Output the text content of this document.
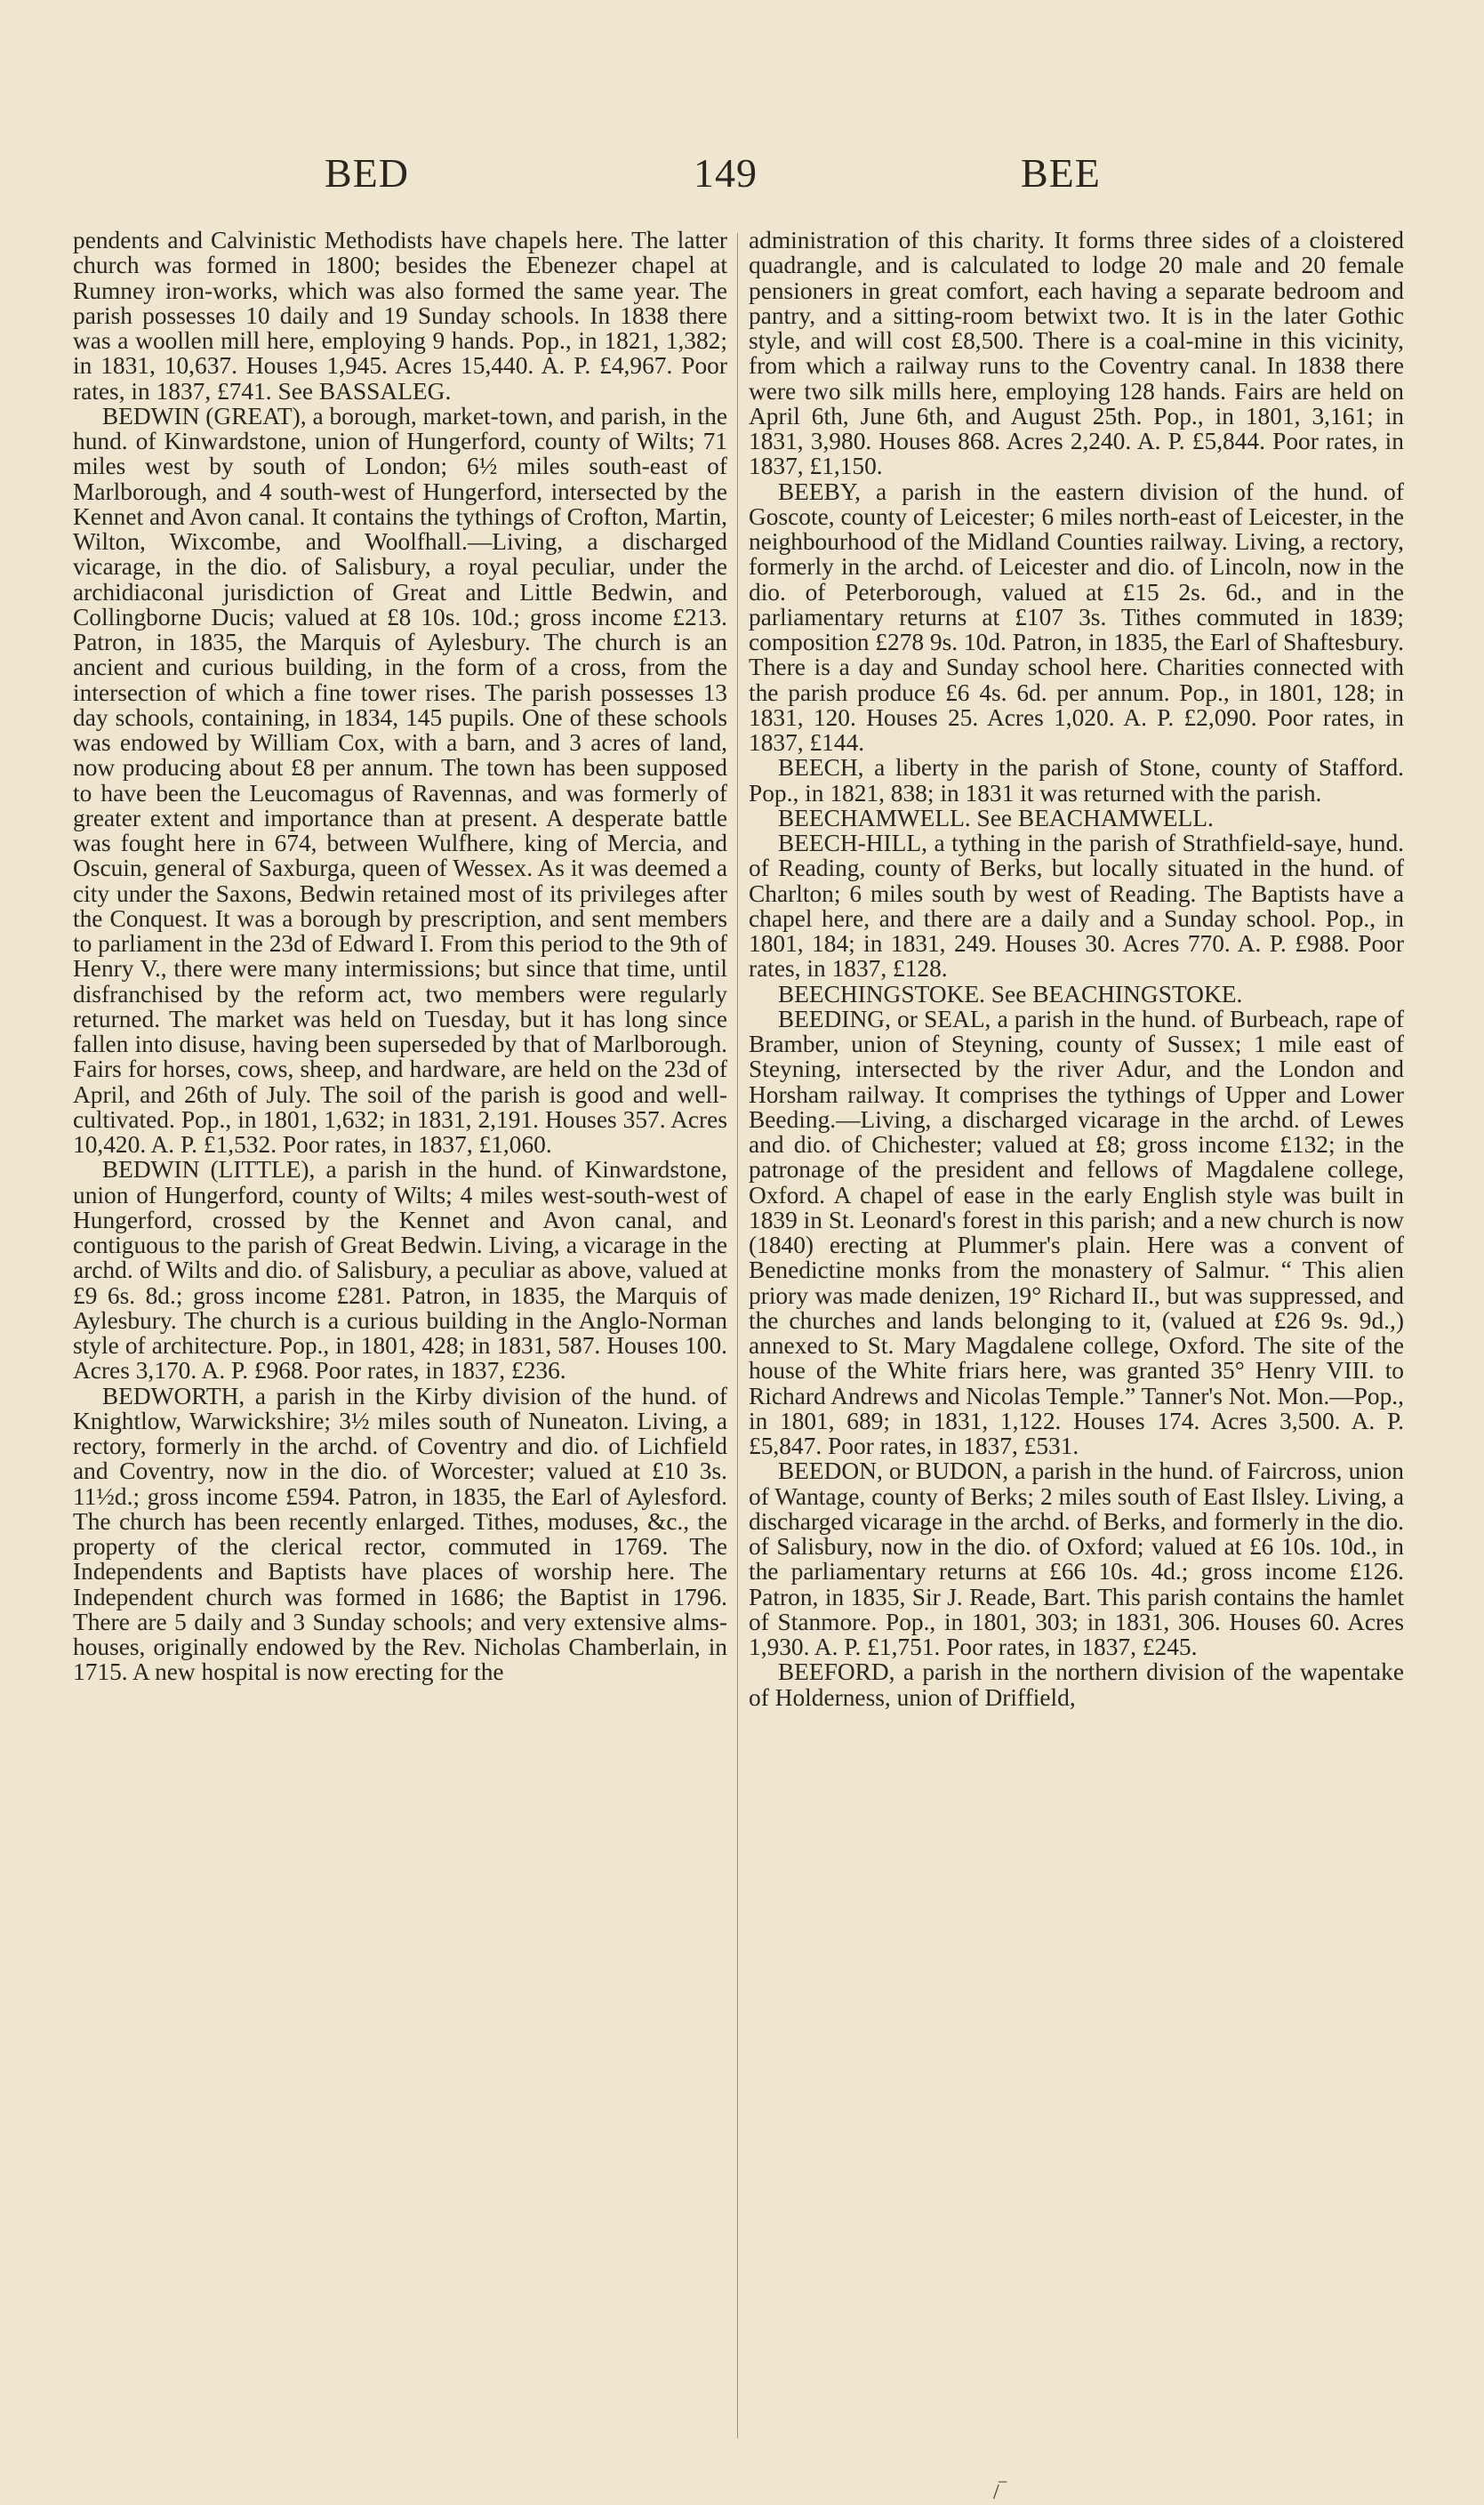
BED	149	BEE

pendents and Calvinistic Methodists have chapels here. The latter church was formed in 1800; besides the Ebenezer chapel at Rumney iron-works, which was also formed the same year. The parish possesses 10 daily and 19 Sunday schools. In 1838 there was a woollen mill here, employing 9 hands. Pop., in 1821, 1,382; in 1831, 10,637. Houses 1,945. Acres 15,440. A. P. £4,967. Poor rates, in 1837, £741. See BASSALEG.

BEDWIN (GREAT), a borough, market-town, and parish, in the hund. of Kinwardstone, union of Hungerford, county of Wilts; 71 miles west by south of London; 6½ miles south-east of Marlborough, and 4 south-west of Hungerford, intersected by the Kennet and Avon canal. It contains the tythings of Crofton, Martin, Wilton, Wixcombe, and Woolfhall.—Living, a discharged vicarage, in the dio. of Salisbury, a royal peculiar, under the archidiaconal jurisdiction of Great and Little Bedwin, and Collingborne Ducis; valued at £8 10s. 10d.; gross income £213. Patron, in 1835, the Marquis of Aylesbury. The church is an ancient and curious building, in the form of a cross, from the intersection of which a fine tower rises. The parish possesses 13 day schools, containing, in 1834, 145 pupils. One of these schools was endowed by William Cox, with a barn, and 3 acres of land, now producing about £8 per annum. The town has been supposed to have been the Leucomagus of Ravennas, and was formerly of greater extent and importance than at present. A desperate battle was fought here in 674, between Wulfhere, king of Mercia, and Oscuin, general of Saxburga, queen of Wessex. As it was deemed a city under the Saxons, Bedwin retained most of its privileges after the Conquest. It was a borough by prescription, and sent members to parliament in the 23d of Edward I. From this period to the 9th of Henry V., there were many intermissions; but since that time, until disfranchised by the reform act, two members were regularly returned. The market was held on Tuesday, but it has long since fallen into disuse, having been superseded by that of Marlborough. Fairs for horses, cows, sheep, and hardware, are held on the 23d of April, and 26th of July. The soil of the parish is good and well-cultivated. Pop., in 1801, 1,632; in 1831, 2,191. Houses 357. Acres 10,420. A. P. £1,532. Poor rates, in 1837, £1,060.

BEDWIN (LITTLE), a parish in the hund. of Kinwardstone, union of Hungerford, county of Wilts; 4 miles west-south-west of Hungerford, crossed by the Kennet and Avon canal, and contiguous to the parish of Great Bedwin. Living, a vicarage in the archd. of Wilts and dio. of Salisbury, a peculiar as above, valued at £9 6s. 8d.; gross income £281. Patron, in 1835, the Marquis of Aylesbury. The church is a curious building in the Anglo-Norman style of architecture. Pop., in 1801, 428; in 1831, 587. Houses 100. Acres 3,170. A. P. £968. Poor rates, in 1837, £236.

BEDWORTH, a parish in the Kirby division of the hund. of Knightlow, Warwickshire; 3½ miles south of Nuneaton. Living, a rectory, formerly in the archd. of Coventry and dio. of Lichfield and Coventry, now in the dio. of Worcester; valued at £10 3s. 11½d.; gross income £594. Patron, in 1835, the Earl of Aylesford. The church has been recently enlarged. Tithes, moduses, &c., the property of the clerical rector, commuted in 1769. The Independents and Baptists have places of worship here. The Independent church was formed in 1686; the Baptist in 1796. There are 5 daily and 3 Sunday schools; and very extensive alms-houses, originally endowed by the Rev. Nicholas Chamberlain, in 1715. A new hospital is now erecting for the

administration of this charity. It forms three sides of a cloistered quadrangle, and is calculated to lodge 20 male and 20 female pensioners in great comfort, each having a separate bedroom and pantry, and a sitting-room betwixt two. It is in the later Gothic style, and will cost £8,500. There is a coal-mine in this vicinity, from which a railway runs to the Coventry canal. In 1838 there were two silk mills here, employing 128 hands. Fairs are held on April 6th, June 6th, and August 25th. Pop., in 1801, 3,161; in 1831, 3,980. Houses 868. Acres 2,240. A. P. £5,844. Poor rates, in 1837, £1,150.

BEEBY, a parish in the eastern division of the hund. of Goscote, county of Leicester; 6 miles north-east of Leicester, in the neighbourhood of the Midland Counties railway. Living, a rectory, formerly in the archd. of Leicester and dio. of Lincoln, now in the dio. of Peterborough, valued at £15 2s. 6d., and in the parliamentary returns at £107 3s. Tithes commuted in 1839; composition £278 9s. 10d. Patron, in 1835, the Earl of Shaftesbury. There is a day and Sunday school here. Charities connected with the parish produce £6 4s. 6d. per annum. Pop., in 1801, 128; in 1831, 120. Houses 25. Acres 1,020. A. P. £2,090. Poor rates, in 1837, £144.

BEECH, a liberty in the parish of Stone, county of Stafford. Pop., in 1821, 838; in 1831 it was returned with the parish.

BEECHAMWELL. See BEACHAMWELL.

BEECH-HILL, a tything in the parish of Strathfield-saye, hund. of Reading, county of Berks, but locally situated in the hund. of Charlton; 6 miles south by west of Reading. The Baptists have a chapel here, and there are a daily and a Sunday school. Pop., in 1801, 184; in 1831, 249. Houses 30. Acres 770. A. P. £988. Poor rates, in 1837, £128.

BEECHINGSTOKE. See BEACHINGSTOKE.

BEEDING, or SEAL, a parish in the hund. of Burbeach, rape of Bramber, union of Steyning, county of Sussex; 1 mile east of Steyning, intersected by the river Adur, and the London and Horsham railway. It comprises the tythings of Upper and Lower Beeding.—Living, a discharged vicarage in the archd. of Lewes and dio. of Chichester; valued at £8; gross income £132; in the patronage of the president and fellows of Magdalene college, Oxford. A chapel of ease in the early English style was built in 1839 in St. Leonard's forest in this parish; and a new church is now (1840) erecting at Plummer's plain. Here was a convent of Benedictine monks from the monastery of Salmur. “ This alien priory was made denizen, 19° Richard II., but was suppressed, and the churches and lands belonging to it, (valued at £26 9s. 9d.,) annexed to St. Mary Magdalene college, Oxford. The site of the house of the White friars here, was granted 35° Henry VIII. to Richard Andrews and Nicolas Temple.” Tanner's Not. Mon.—Pop., in 1801, 689; in 1831, 1,122. Houses 174. Acres 3,500. A. P. £5,847. Poor rates, in 1837, £531.

BEEDON, or BUDON, a parish in the hund. of Faircross, union of Wantage, county of Berks; 2 miles south of East Ilsley. Living, a discharged vicarage in the archd. of Berks, and formerly in the dio. of Salisbury, now in the dio. of Oxford; valued at £6 10s. 10d., in the parliamentary returns at £66 10s. 4d.; gross income £126. Patron, in 1835, Sir J. Reade, Bart. This parish contains the hamlet of Stanmore. Pop., in 1801, 303; in 1831, 306. Houses 60. Acres 1,930. A. P. £1,751. Poor rates, in 1837, £245.

BEEFORD, a parish in the northern division of the wapentake of Holderness, union of Driffield,

/‾
